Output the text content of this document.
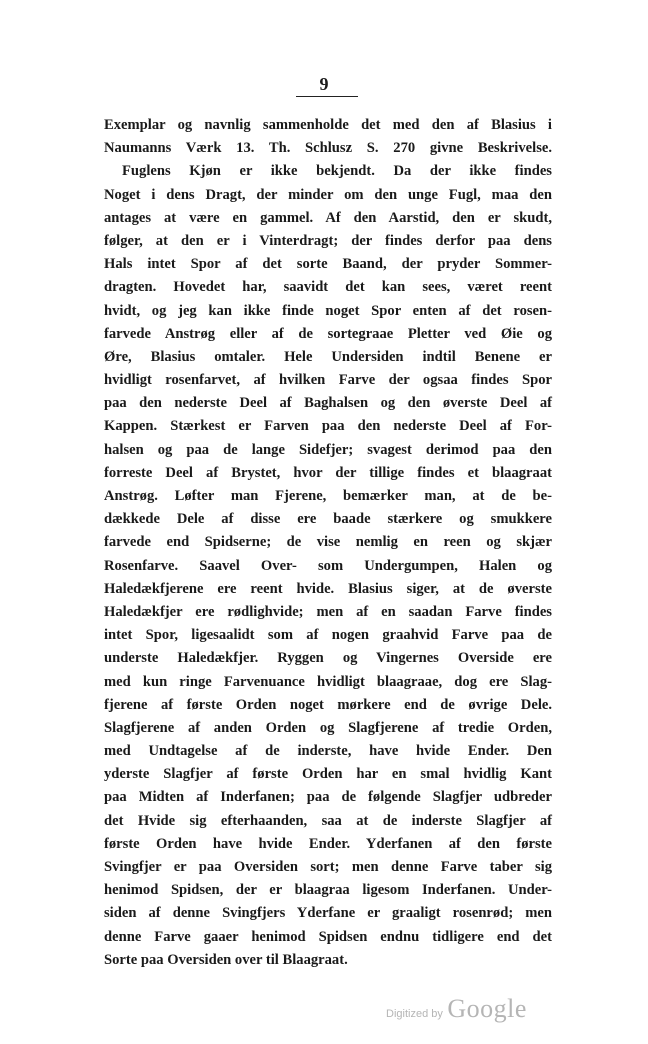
9
Exemplar og navnlig sammenholde det med den af Blasius i
Naumanns Værk 13. Th. Schlusz S. 270 givne Beskrivelse.
Fuglens Kjøn er ikke bekjendt. Da der ikke findes
Noget i dens Dragt, der minder om den unge Fugl, maa den
antages at være en gammel. Af den Aarstid, den er skudt,
følger, at den er i Vinterdragt; der findes derfor paa dens
Hals intet Spor af det sorte Baand, der pryder Sommer-
dragten. Hovedet har, saavidt det kan sees, været reent
hvidt, og jeg kan ikke finde noget Spor enten af det rosen-
farvede Anstrøg eller af de sortegraae Pletter ved Øie og
Øre, Blasius omtaler. Hele Undersiden indtil Benene er
hvidligt rosenfarvet, af hvilken Farve der ogsaa findes Spor
paa den nederste Deel af Baghalsen og den øverste Deel af
Kappen. Stærkest er Farven paa den nederste Deel af For-
halsen og paa de lange Sidefjer; svagest derimod paa den
forreste Deel af Brystet, hvor der tillige findes et blaagraat
Anstrøg. Løfter man Fjerene, bemærker man, at de be-
dækkede Dele af disse ere baade stærkere og smukkere
farvede end Spidserne; de vise nemlig en reen og skjær
Rosenfarve. Saavel Over- som Undergumpen, Halen og
Haledækfjerene ere reent hvide. Blasius siger, at de øverste
Haledækfjer ere rødlighvide; men af en saadan Farve findes
intet Spor, ligesaalidt som af nogen graahvid Farve paa de
underste Haledækfjer. Ryggen og Vingernes Overside ere
med kun ringe Farvenuance hvidligt blaagraae, dog ere Slag-
fjerene af første Orden noget mørkere end de øvrige Dele.
Slagfjerene af anden Orden og Slagfjerene af tredie Orden,
med Undtagelse af de inderste, have hvide Ender. Den
yderste Slagfjer af første Orden har en smal hvidlig Kant
paa Midten af Inderfanen; paa de følgende Slagfjer udbreder
det Hvide sig efterhaanden, saa at de inderste Slagfjer af
første Orden have hvide Ender. Yderfanen af den første
Svingfjer er paa Oversiden sort; men denne Farve taber sig
henimod Spidsen, der er blaagraa ligesom Inderfanen. Under-
siden af denne Svingfjers Yderfane er graaligt rosenrød; men
denne Farve gaaer henimod Spidsen endnu tidligere end det
Sorte paa Oversiden over til Blaagraat.
Digitized by Google
